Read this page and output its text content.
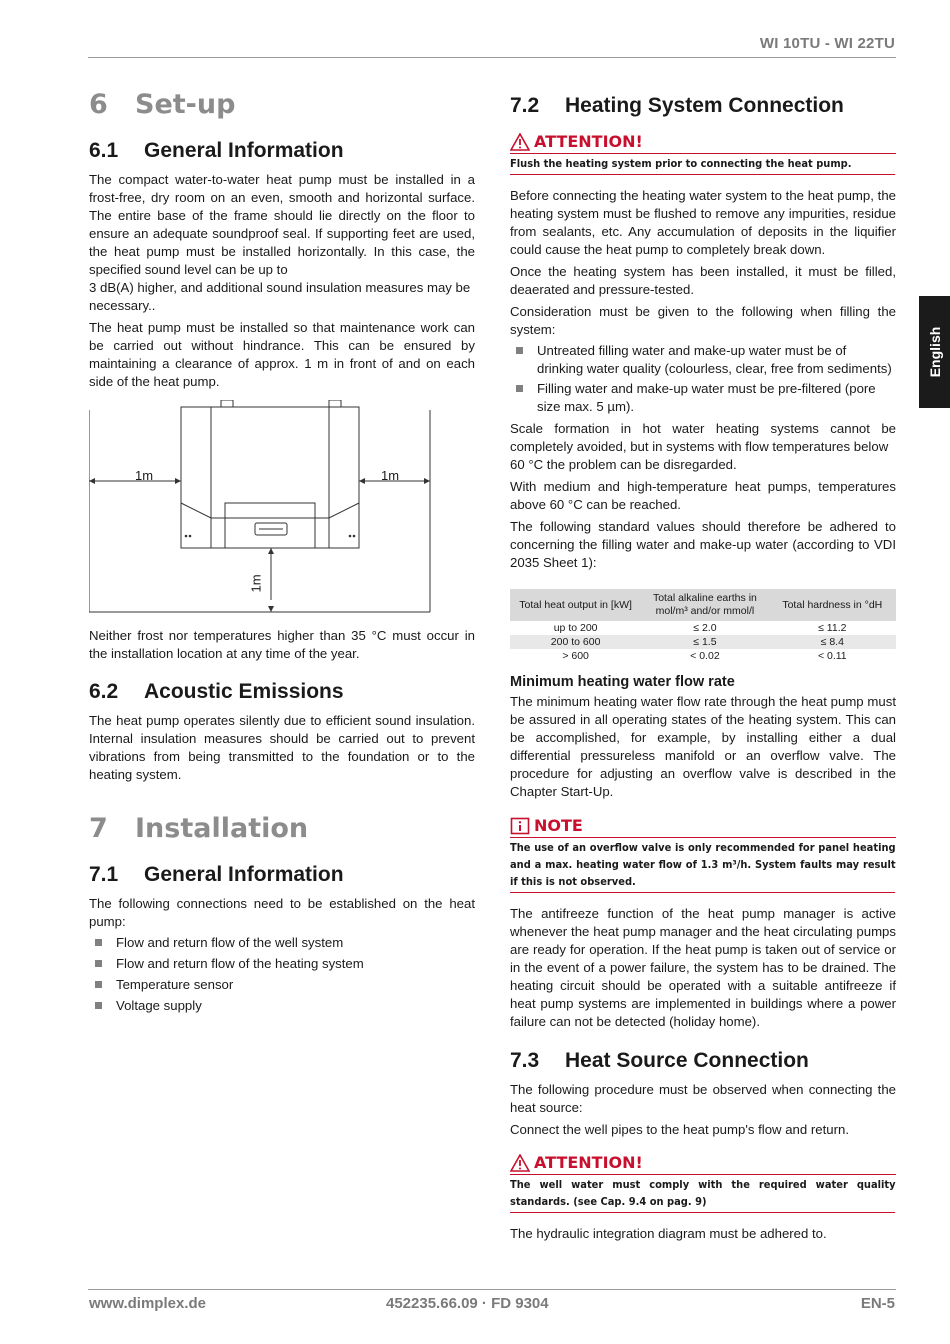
WI 10TU - WI 22TU
English
6 Set-up
6.1 General Information

The compact water-to-water heat pump must be installed in a frost-free, dry room on an even, smooth and horizontal surface. The entire base of the frame should lie directly on the floor to ensure an adequate soundproof seal. If supporting feet are used, the heat pump must be installed horizontally. In this case, the specified sound level can be up to

3 dB(A) higher, and additional sound insulation measures may be necessary..

The heat pump must be installed so that maintenance work can be carried out without hindrance. This can be ensured by maintaining a clearance of approx. 1 m in front of and on each side of the heat pump.

1m	1m
1m

Neither frost nor temperatures higher than 35 °C must occur in the installation location at any time of the year.

6.2 Acoustic Emissions

The heat pump operates silently due to efficient sound insulation. Internal insulation measures should be carried out to prevent vibrations from being transmitted to the foundation or to the heating system.

7 Installation
7.1 General Information

The following connections need to be established on the heat pump:

Flow and return flow of the well system
Flow and return flow of the heating system
Temperature sensor
Voltage supply
7.2 Heating System Connection
ATTENTION!
Flush the heating system prior to connecting the heat pump.

Before connecting the heating water system to the heat pump, the heating system must be flushed to remove any impurities, residue from sealants, etc. Any accumulation of deposits in the liquifier could cause the heat pump to completely break down.

Once the heating system has been installed, it must be filled, deaerated and pressure-tested.

Consideration must be given to the following when filling the system:

Untreated filling water and make-up water must be of drinking water quality (colourless, clear, free from sediments)
Filling water and make-up water must be pre-filtered (pore size max. 5 µm).

Scale formation in hot water heating systems cannot be completely avoided, but in systems with flow temperatures below

60 °C the problem can be disregarded.

With medium and high-temperature heat pumps, temperatures above 60 °C can be reached.

The following standard values should therefore be adhered to concerning the filling water and make-up water (according to VDI 2035 Sheet 1):

Total heat output in [kW]	Total alkaline earths in mol/m³ and/or mmol/l	Total hardness in °dH
up to 200	≤ 2.0	≤ 11.2
200 to 600	≤ 1.5	≤ 8.4
> 600	< 0.02	< 0.11
Minimum heating water flow rate

The minimum heating water flow rate through the heat pump must be assured in all operating states of the heating system. This can be accomplished, for example, by installing either a dual differential pressureless manifold or an overflow valve. The procedure for adjusting an overflow valve is described in the Chapter Start-Up.

NOTE
The use of an overflow valve is only recommended for panel heating and a max. heating water flow of 1.3 m³/h. System faults may result if this is not observed.

The antifreeze function of the heat pump manager is active whenever the heat pump manager and the heat circulating pumps are ready for operation. If the heat pump is taken out of service or in the event of a power failure, the system has to be drained. The heating circuit should be operated with a suitable antifreeze if heat pump systems are implemented in buildings where a power failure can not be detected (holiday home).

7.3 Heat Source Connection

The following procedure must be observed when connecting the heat source:

Connect the well pipes to the heat pump's flow and return.

ATTENTION!
The well water must comply with the required water quality standards. (see Cap. 9.4 on pag. 9)

The hydraulic integration diagram must be adhered to.

www.dimplex.de	452235.66.09 · FD 9304	EN-5
